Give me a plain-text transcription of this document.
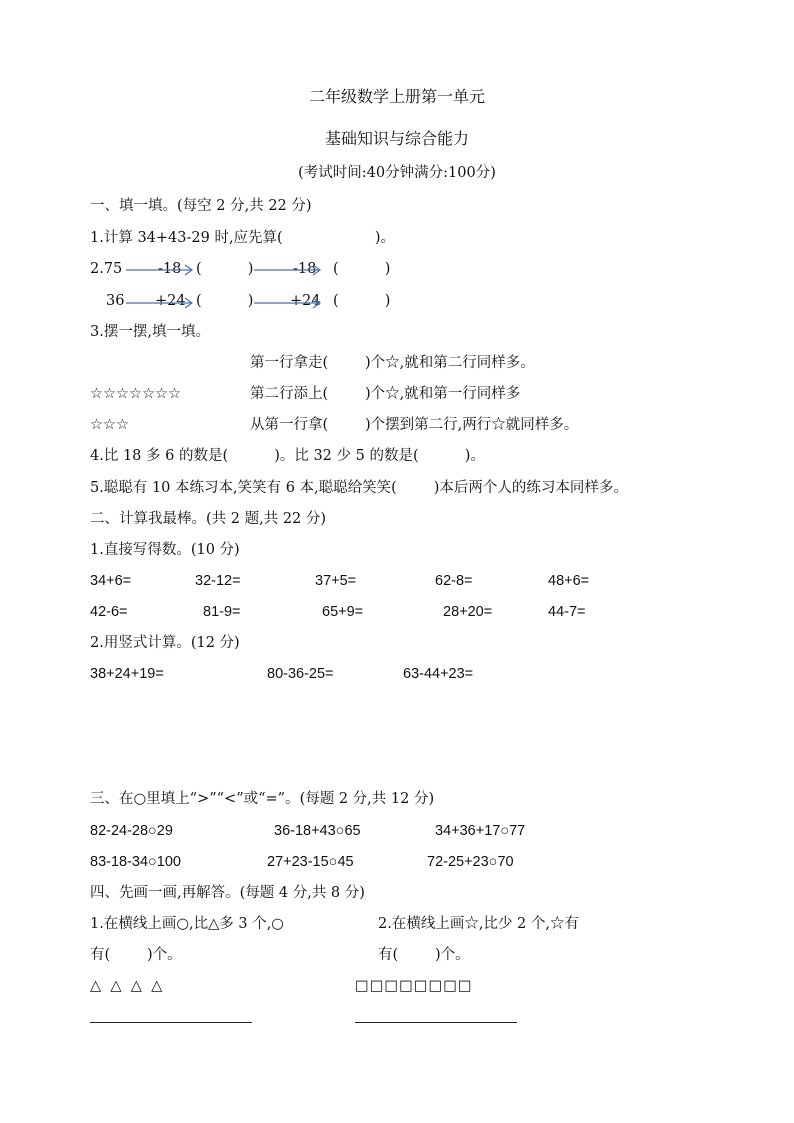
二年级数学上册第一单元
基础知识与综合能力
(考试时间:40分钟满分:100分)
一、填一填。(每空 2 分,共 22 分)
1.计算 34+43-29 时,应先算(                    )。
2.75 -18 (          )	-18 (          )
36 +24 (          )	+24 (          )
3.摆一摆,填一填。
第一行拿走(        )个☆,就和第二行同样多。
☆☆☆☆☆☆☆	第二行添上(        )个☆,就和第一行同样多
☆☆☆	从第一行拿(        )个摆到第二行,两行☆就同样多。
4.比 18 多 6 的数是(          )。比 32 少 5 的数是(          )。
5.聪聪有 10 本练习本,笑笑有 6 本,聪聪给笑笑(        )本后两个人的练习本同样多。
二、计算我最棒。(共 2 题,共 22 分)
1.直接写得数。(10 分)
34+6=	32-12=	37+5=	62-8=	48+6=
42-6=	81-9=	65+9=	28+20=	44-7=
2.用竖式计算。(12 分)
38+24+19=	80-36-25=	63-44+23=
三、在○里填上“>”“<”或“=”。(每题 2 分,共 12 分)
82-24-28○29	36-18+43○65	34+36+17○77
83-18-34○100	27+23-15○45	72-25+23○70
四、先画一画,再解答。(每题 4 分,共 8 分)
1.在横线上画○,比△多 3 个,○	2.在横线上画☆,比少 2 个,☆有
有(        )个。	有(        )个。
△  △  △  △	□□□□□□□□
